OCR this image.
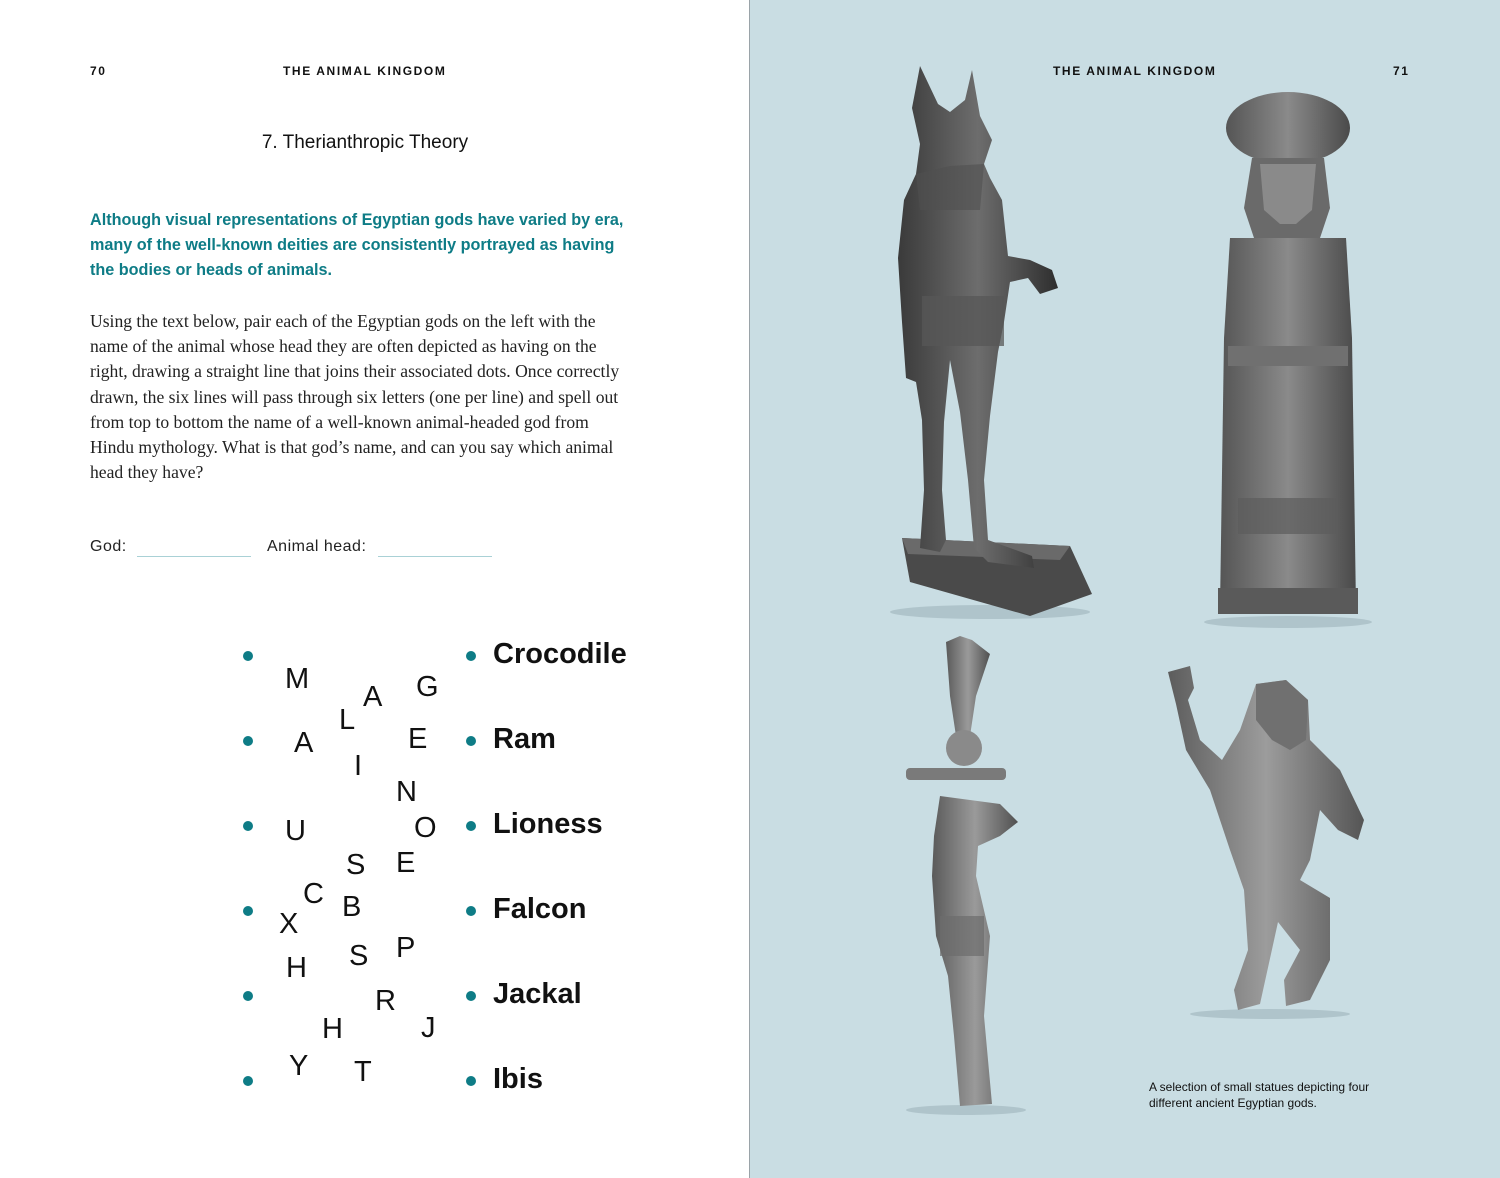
70	THE ANIMAL KINGDOM
7. Therianthropic Theory
Although visual representations of Egyptian gods have varied by era, many of the well-known deities are consistently portrayed as having the bodies or heads of animals.
Using the text below, pair each of the Egyptian gods on the left with the name of the animal whose head they are often depicted as having on the right, drawing a straight line that joins their associated dots. Once correctly drawn, the six lines will pass through six letters (one per line) and spell out from top to bottom the name of a well-known animal-headed god from Hindu mythology. What is that god’s name, and can you say which animal head they have?
God:	Animal head:
Crocodile
Ram
Lioness
Falcon
Jackal
Ibis
M	G
A
L
A	E
I
N
U	O
S E
C B
X
P
S
H
R
H	J
Y T
THE ANIMAL KINGDOM	71
A selection of small statues depicting four different ancient Egyptian gods.
